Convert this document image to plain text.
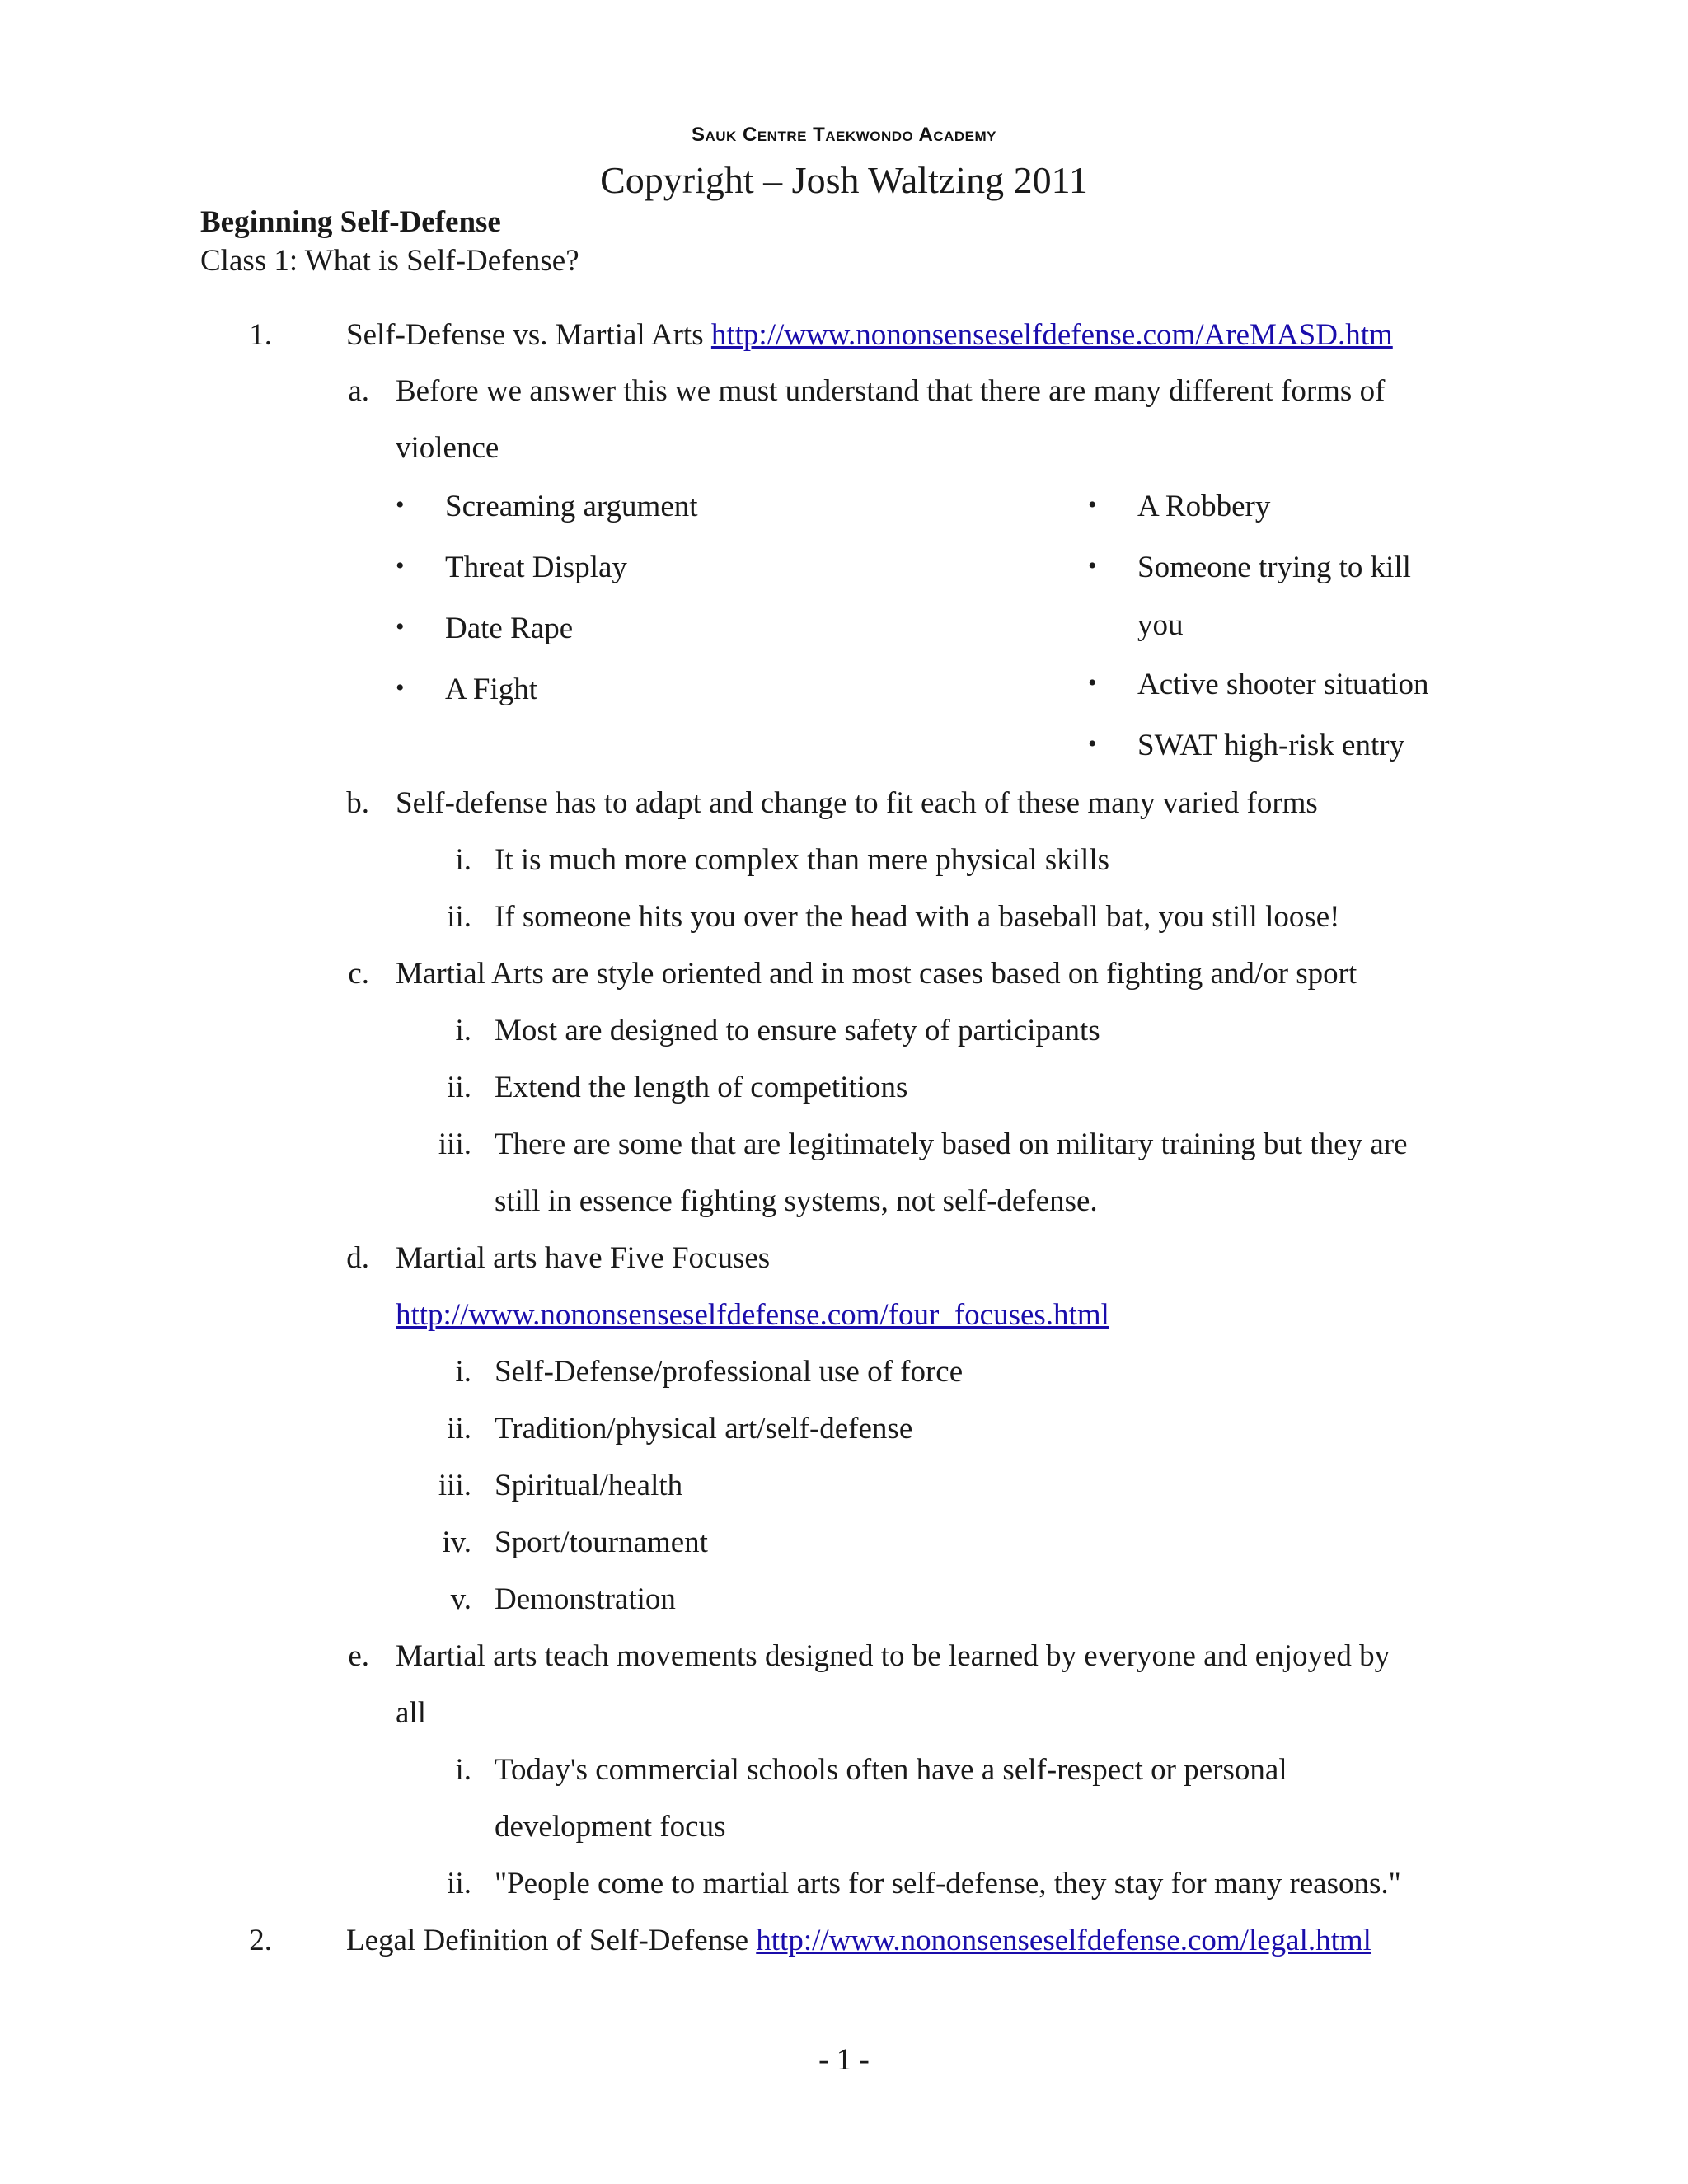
Sauk Centre Taekwondo Academy
Copyright – Josh Waltzing 2011
Beginning Self-Defense
Class 1: What is Self-Defense?
1. Self-Defense vs. Martial Arts http://www.nononsenseselfdefense.com/AreMASD.htm
a. Before we answer this we must understand that there are many different forms of
violence
• Screaming argument
• Threat Display
• Date Rape
• A Fight
• A Robbery
• Someone trying to kill
you
• Active shooter situation
• SWAT high-risk entry
b. Self-defense has to adapt and change to fit each of these many varied forms
i. It is much more complex than mere physical skills
ii. If someone hits you over the head with a baseball bat, you still loose!
c. Martial Arts are style oriented and in most cases based on fighting and/or sport
i. Most are designed to ensure safety of participants
ii. Extend the length of competitions
iii. There are some that are legitimately based on military training but they are
still in essence fighting systems, not self-defense.
d. Martial arts have Five Focuses
http://www.nononsenseselfdefense.com/four_focuses.html
i. Self-Defense/professional use of force
ii. Tradition/physical art/self-defense
iii. Spiritual/health
iv. Sport/tournament
v. Demonstration
e. Martial arts teach movements designed to be learned by everyone and enjoyed by
all
i. Today's commercial schools often have a self-respect or personal
development focus
ii. "People come to martial arts for self-defense, they stay for many reasons."
2. Legal Definition of Self-Defense http://www.nononsenseselfdefense.com/legal.html
- 1 -
